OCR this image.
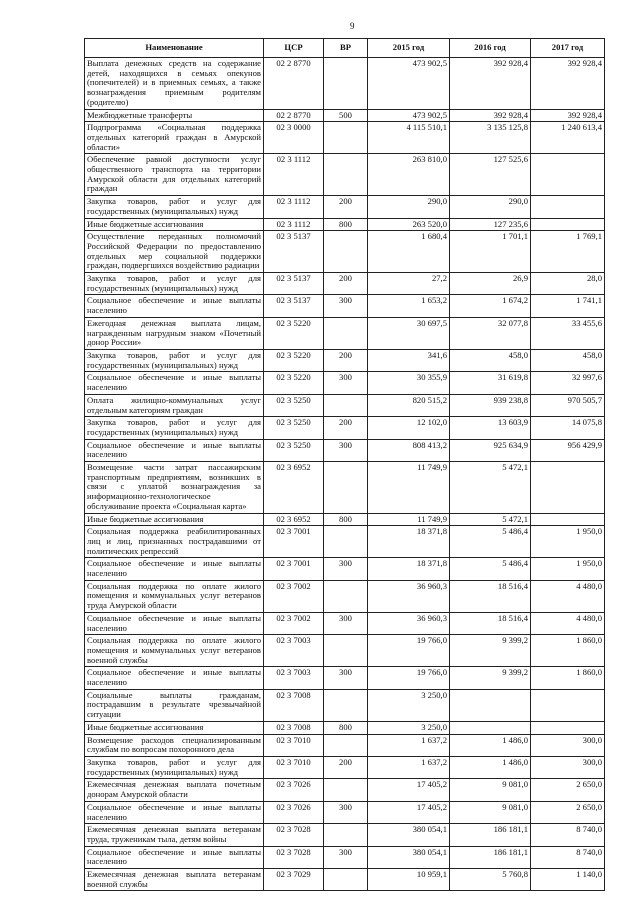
9
Наименование	ЦСР	ВР	2015 год	2016 год	2017 год
Выплата денежных средств на содержание детей, находящихся в семьях опекунов (попечителей) и в приемных семьях, а также вознаграждения приемным родителям (родителю)	02 2 8770		473 902,5	392 928,4	392 928,4
Межбюджетные трансферты	02 2 8770	500	473 902,5	392 928,4	392 928,4
Подпрограмма «Социальная поддержка отдельных категорий граждан в Амурской области»	02 3 0000		4 115 510,1	3 135 125,8	1 240 613,4
Обеспечение равной доступности услуг общественного транспорта на территории Амурской области для отдельных категорий граждан	02 3 1112		263 810,0	127 525,6	
Закупка товаров, работ и услуг для государственных (муниципальных) нужд	02 3 1112	200	290,0	290,0	
Иные бюджетные ассигнования	02 3 1112	800	263 520,0	127 235,6	
Осуществление переданных полномочий Российской Федерации по предоставлению отдельных мер социальной поддержки граждан, подвергшихся воздействию радиации	02 3 5137		1 680,4	1 701,1	1 769,1
Закупка товаров, работ и услуг для государственных (муниципальных) нужд	02 3 5137	200	27,2	26,9	28,0
Социальное обеспечение и иные выплаты населению	02 3 5137	300	1 653,2	1 674,2	1 741,1
Ежегодная денежная выплата лицам, награжденным нагрудным знаком «Почетный донор России»	02 3 5220		30 697,5	32 077,8	33 455,6
Закупка товаров, работ и услуг для государственных (муниципальных) нужд	02 3 5220	200	341,6	458,0	458,0
Социальное обеспечение и иные выплаты населению	02 3 5220	300	30 355,9	31 619,8	32 997,6
Оплата жилищно-коммунальных услуг отдельным категориям граждан	02 3 5250		820 515,2	939 238,8	970 505,7
Закупка товаров, работ и услуг для государственных (муниципальных) нужд	02 3 5250	200	12 102,0	13 603,9	14 075,8
Социальное обеспечение и иные выплаты населению	02 3 5250	300	808 413,2	925 634,9	956 429,9
Возмещение части затрат пассажирским транспортным предприятиям, возникших в связи с уплатой вознаграждения за информационно-технологическое обслуживание проекта «Социальная карта»	02 3 6952		11 749,9	5 472,1	
Иные бюджетные ассигнования	02 3 6952	800	11 749,9	5 472,1	
Социальная поддержка реабилитированных лиц и лиц, признанных пострадавшими от политических репрессий	02 3 7001		18 371,8	5 486,4	1 950,0
Социальное обеспечение и иные выплаты населению	02 3 7001	300	18 371,8	5 486,4	1 950,0
Социальная поддержка по оплате жилого помещения и коммунальных услуг ветеранов труда Амурской области	02 3 7002		36 960,3	18 516,4	4 480,0
Социальное обеспечение и иные выплаты населению	02 3 7002	300	36 960,3	18 516,4	4 480,0
Социальная поддержка по оплате жилого помещения и коммунальных услуг ветеранов военной службы	02 3 7003		19 766,0	9 399,2	1 860,0
Социальное обеспечение и иные выплаты населению	02 3 7003	300	19 766,0	9 399,2	1 860,0
Социальные выплаты гражданам, пострадавшим в результате чрезвычайной ситуации	02 3 7008		3 250,0		
Иные бюджетные ассигнования	02 3 7008	800	3 250,0		
Возмещение расходов специализированным службам по вопросам похоронного дела	02 3 7010		1 637,2	1 486,0	300,0
Закупка товаров, работ и услуг для государственных (муниципальных) нужд	02 3 7010	200	1 637,2	1 486,0	300,0
Ежемесячная денежная выплата почетным донорам Амурской области	02 3 7026		17 405,2	9 081,0	2 650,0
Социальное обеспечение и иные выплаты населению	02 3 7026	300	17 405,2	9 081,0	2 650,0
Ежемесячная денежная выплата ветеранам труда, труженикам тыла, детям войны	02 3 7028		380 054,1	186 181,1	8 740,0
Социальное обеспечение и иные выплаты населению	02 3 7028	300	380 054,1	186 181,1	8 740,0
Ежемесячная денежная выплата ветеранам военной службы	02 3 7029		10 959,1	5 760,8	1 140,0
